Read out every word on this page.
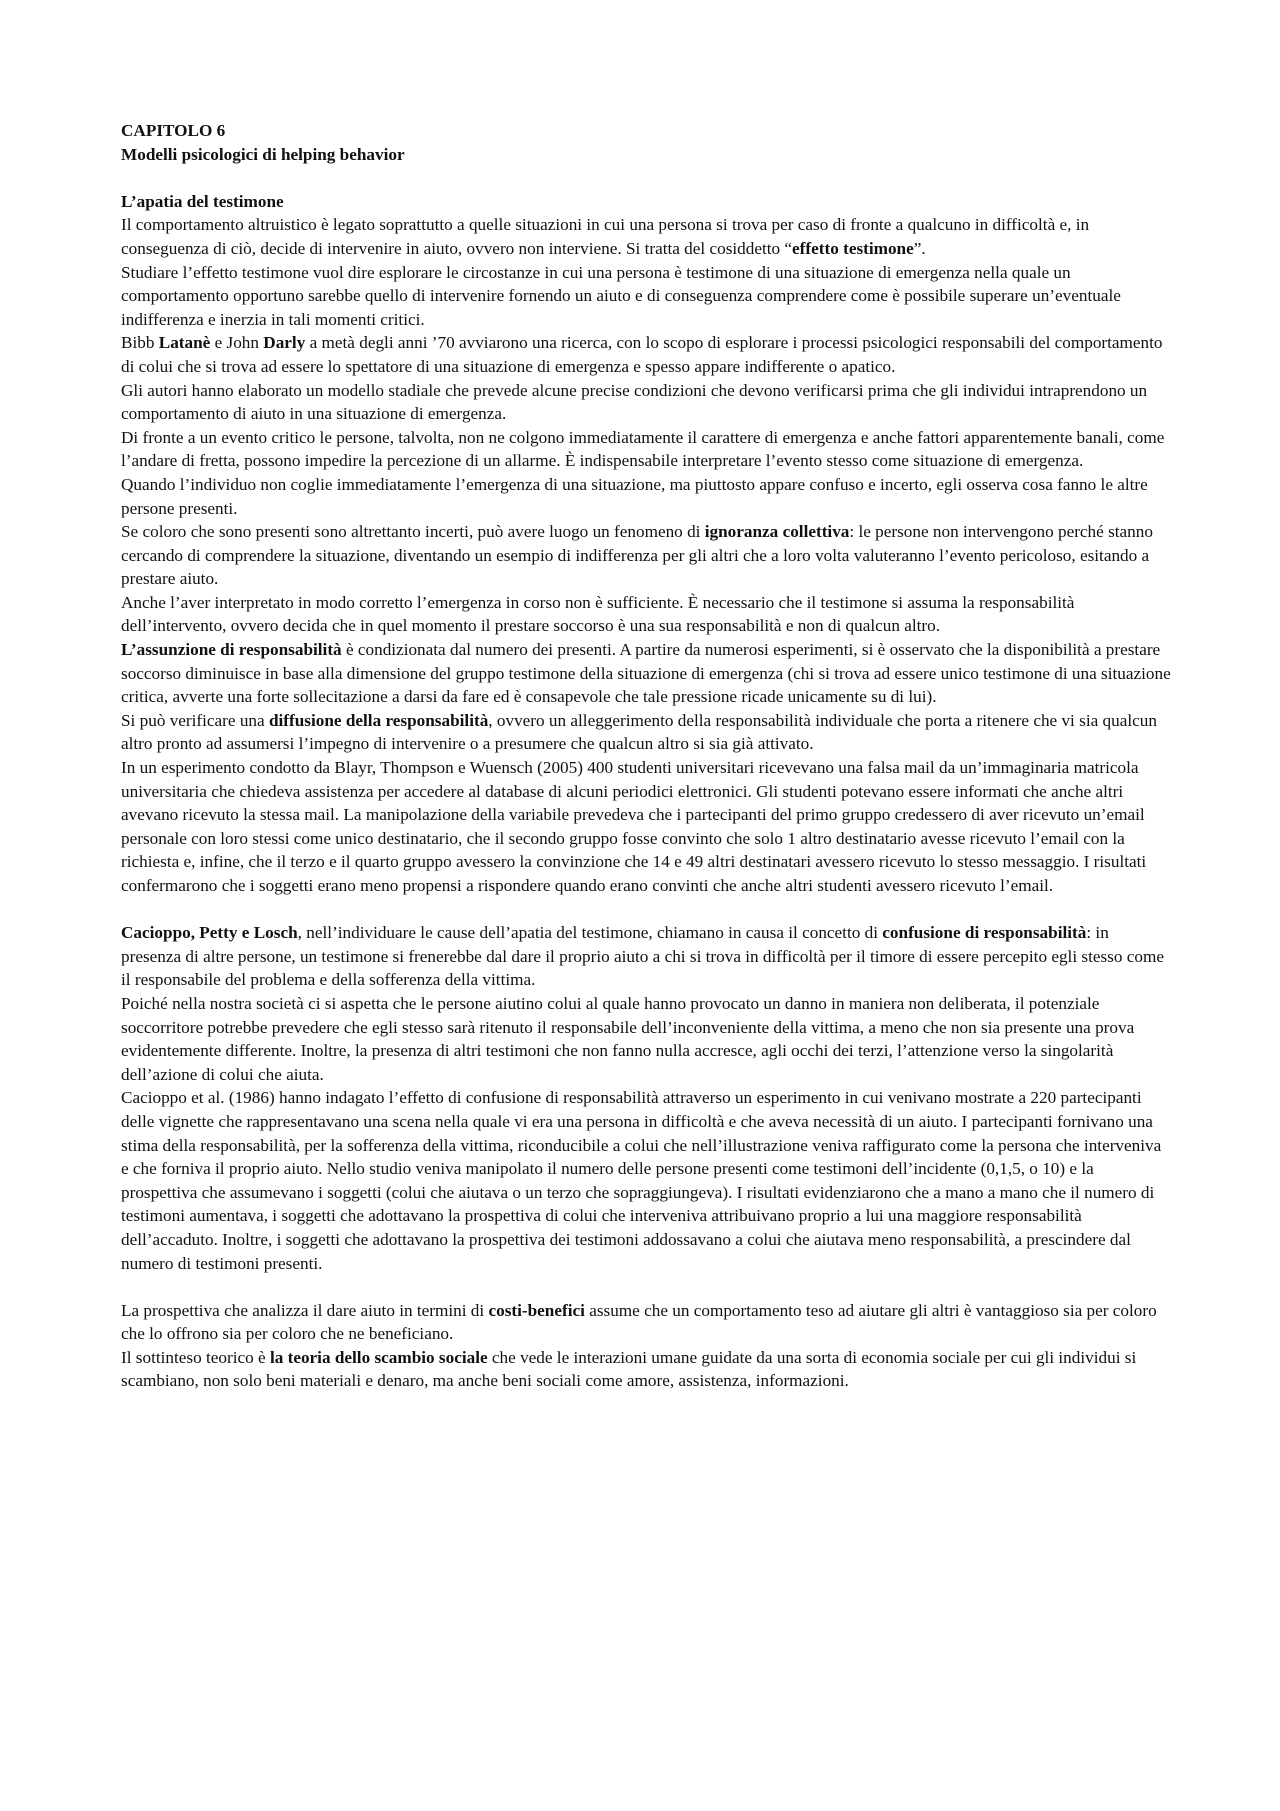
CAPITOLO 6

Modelli psicologici di helping behavior

L’apatia del testimone

Il comportamento altruistico è legato soprattutto a quelle situazioni in cui una persona si trova per caso di fronte a qualcuno in difficoltà e, in conseguenza di ciò, decide di intervenire in aiuto, ovvero non interviene. Si tratta del cosiddetto “effetto testimone”.

Studiare l’effetto testimone vuol dire esplorare le circostanze in cui una persona è testimone di una situazione di emergenza nella quale un comportamento opportuno sarebbe quello di intervenire fornendo un aiuto e di conseguenza comprendere come è possibile superare un’eventuale indifferenza e inerzia in tali momenti critici.

Bibb Latanè e John Darly a metà degli anni ’70 avviarono una ricerca, con lo scopo di esplorare i processi psicologici responsabili del comportamento di colui che si trova ad essere lo spettatore di una situazione di emergenza e spesso appare indifferente o apatico.

Gli autori hanno elaborato un modello stadiale che prevede alcune precise condizioni che devono verificarsi prima che gli individui intraprendono un comportamento di aiuto in una situazione di emergenza.

Di fronte a un evento critico le persone, talvolta, non ne colgono immediatamente il carattere di emergenza e anche fattori apparentemente banali, come l’andare di fretta, possono impedire la percezione di un allarme. È indispensabile interpretare l’evento stesso come situazione di emergenza.

Quando l’individuo non coglie immediatamente l’emergenza di una situazione, ma piuttosto appare confuso e incerto, egli osserva cosa fanno le altre persone presenti.

Se coloro che sono presenti sono altrettanto incerti, può avere luogo un fenomeno di ignoranza collettiva: le persone non intervengono perché stanno cercando di comprendere la situazione, diventando un esempio di indifferenza per gli altri che a loro volta valuteranno l’evento pericoloso, esitando a prestare aiuto.

Anche l’aver interpretato in modo corretto l’emergenza in corso non è sufficiente. È necessario che il testimone si assuma la responsabilità dell’intervento, ovvero decida che in quel momento il prestare soccorso è una sua responsabilità e non di qualcun altro.

L’assunzione di responsabilità è condizionata dal numero dei presenti. A partire da numerosi esperimenti, si è osservato che la disponibilità a prestare soccorso diminuisce in base alla dimensione del gruppo testimone della situazione di emergenza (chi si trova ad essere unico testimone di una situazione critica, avverte una forte sollecitazione a darsi da fare ed è consapevole che tale pressione ricade unicamente su di lui).

Si può verificare una diffusione della responsabilità, ovvero un alleggerimento della responsabilità individuale che porta a ritenere che vi sia qualcun altro pronto ad assumersi l’impegno di intervenire o a presumere che qualcun altro si sia già attivato.

In un esperimento condotto da Blayr, Thompson e Wuensch (2005) 400 studenti universitari ricevevano una falsa mail da un’immaginaria matricola universitaria che chiedeva assistenza per accedere al database di alcuni periodici elettronici. Gli studenti potevano essere informati che anche altri avevano ricevuto la stessa mail. La manipolazione della variabile prevedeva che i partecipanti del primo gruppo credessero di aver ricevuto un’email personale con loro stessi come unico destinatario, che il secondo gruppo fosse convinto che solo 1 altro destinatario avesse ricevuto l’email con la richiesta e, infine, che il terzo e il quarto gruppo avessero la convinzione che 14 e 49 altri destinatari avessero ricevuto lo stesso messaggio. I risultati confermarono che i soggetti erano meno propensi a rispondere quando erano convinti che anche altri studenti avessero ricevuto l’email.

Cacioppo, Petty e Losch, nell’individuare le cause dell’apatia del testimone, chiamano in causa il concetto di confusione di responsabilità: in presenza di altre persone, un testimone si frenerebbe dal dare il proprio aiuto a chi si trova in difficoltà per il timore di essere percepito egli stesso come il responsabile del problema e della sofferenza della vittima.

Poiché nella nostra società ci si aspetta che le persone aiutino colui al quale hanno provocato un danno in maniera non deliberata, il potenziale soccorritore potrebbe prevedere che egli stesso sarà ritenuto il responsabile dell’inconveniente della vittima, a meno che non sia presente una prova evidentemente differente. Inoltre, la presenza di altri testimoni che non fanno nulla accresce, agli occhi dei terzi, l’attenzione verso la singolarità dell’azione di colui che aiuta.

Cacioppo et al. (1986) hanno indagato l’effetto di confusione di responsabilità attraverso un esperimento in cui venivano mostrate a 220 partecipanti delle vignette che rappresentavano una scena nella quale vi era una persona in difficoltà e che aveva necessità di un aiuto. I partecipanti fornivano una stima della responsabilità, per la sofferenza della vittima, riconducibile a colui che nell’illustrazione veniva raffigurato come la persona che interveniva e che forniva il proprio aiuto. Nello studio veniva manipolato il numero delle persone presenti come testimoni dell’incidente (0,1,5, o 10) e la prospettiva che assumevano i soggetti (colui che aiutava o un terzo che sopraggiungeva). I risultati evidenziarono che a mano a mano che il numero di testimoni aumentava, i soggetti che adottavano la prospettiva di colui che interveniva attribuivano proprio a lui una maggiore responsabilità dell’accaduto. Inoltre, i soggetti che adottavano la prospettiva dei testimoni addossavano a colui che aiutava meno responsabilità, a prescindere dal numero di testimoni presenti.

La prospettiva che analizza il dare aiuto in termini di costi-benefici assume che un comportamento teso ad aiutare gli altri è vantaggioso sia per coloro che lo offrono sia per coloro che ne beneficiano.

Il sottinteso teorico è la teoria dello scambio sociale che vede le interazioni umane guidate da una sorta di economia sociale per cui gli individui si scambiano, non solo beni materiali e denaro, ma anche beni sociali come amore, assistenza, informazioni.
